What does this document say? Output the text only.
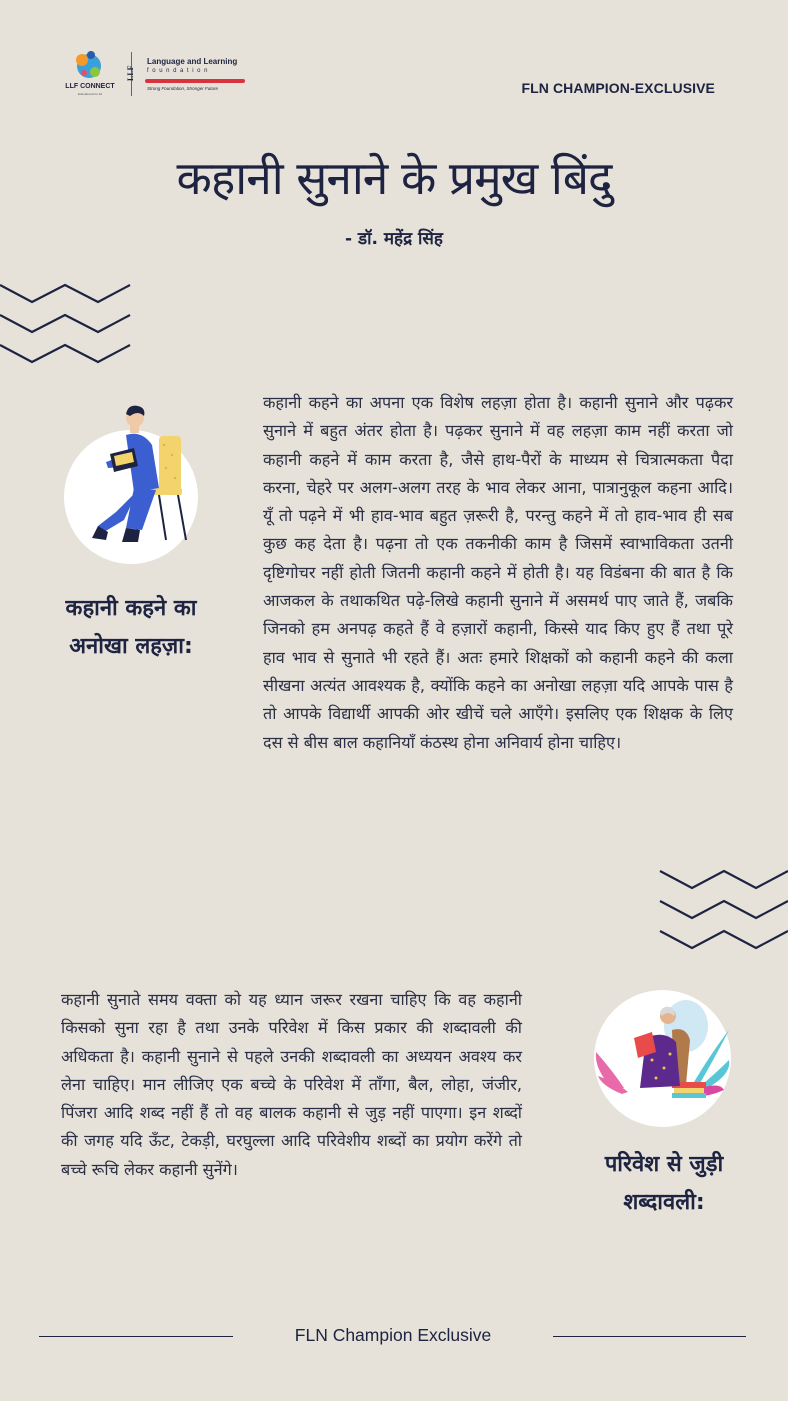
LLF CONNECT
Educational for All
LLF
Language and Learning
foundation
Strong Foundation, Stronger Future	FLN CHAMPION-EXCLUSIVE
कहानी सुनाने के प्रमुख बिंदु
- डॉ. महेंद्र सिंह
कहानी कहने का अनोखा लहज़ा:
कहानी कहने का अपना एक विशेष लहज़ा होता है। कहानी सुनाने और पढ़कर सुनाने में बहुत अंतर होता है। पढ़कर सुनाने में वह लहज़ा काम नहीं करता जो कहानी कहने में काम करता है, जैसे हाथ-पैरों के माध्यम से चित्रात्मकता पैदा करना, चेहरे पर अलग-अलग तरह के भाव लेकर आना, पात्रानुकूल कहना आदि। यूँ तो पढ़ने में भी हाव-भाव बहुत ज़रूरी है, परन्तु कहने में तो हाव-भाव ही सब कुछ कह देता है। पढ़ना तो एक तकनीकी काम है जिसमें स्वाभाविकता उतनी दृष्टिगोचर नहीं होती जितनी कहानी कहने में होती है। यह विडंबना की बात है कि आजकल के तथाकथित पढ़े-लिखे कहानी सुनाने में असमर्थ पाए जाते हैं, जबकि जिनको हम अनपढ़ कहते हैं वे हज़ारों कहानी, किस्से याद किए हुए हैं तथा पूरे हाव भाव से सुनाते भी रहते हैं। अतः हमारे शिक्षकों को कहानी कहने की कला सीखना अत्यंत आवश्यक है, क्योंकि कहने का अनोखा लहज़ा यदि आपके पास है तो आपके विद्यार्थी आपकी ओर खीचें चले आएँगे। इसलिए एक शिक्षक के लिए दस से बीस बाल कहानियाँ कंठस्थ होना अनिवार्य होना चाहिए।
परिवेश से जुड़ी शब्दावली:
कहानी सुनाते समय वक्ता को यह ध्यान जरूर रखना चाहिए कि वह कहानी किसको सुना रहा है तथा उनके परिवेश में किस प्रकार की शब्दावली की अधिकता है। कहानी सुनाने से पहले उनकी शब्दावली का अध्ययन अवश्य कर लेना चाहिए। मान लीजिए एक बच्चे के परिवेश में ताँगा, बैल, लोहा, जंजीर, पिंजरा आदि शब्द नहीं हैं तो वह बालक कहानी से जुड़ नहीं पाएगा। इन शब्दों की जगह यदि ऊँट, टेकड़ी, घरघुल्ला आदि परिवेशीय शब्दों का प्रयोग करेंगे तो बच्चे रूचि लेकर कहानी सुनेंगे।
FLN Champion Exclusive
